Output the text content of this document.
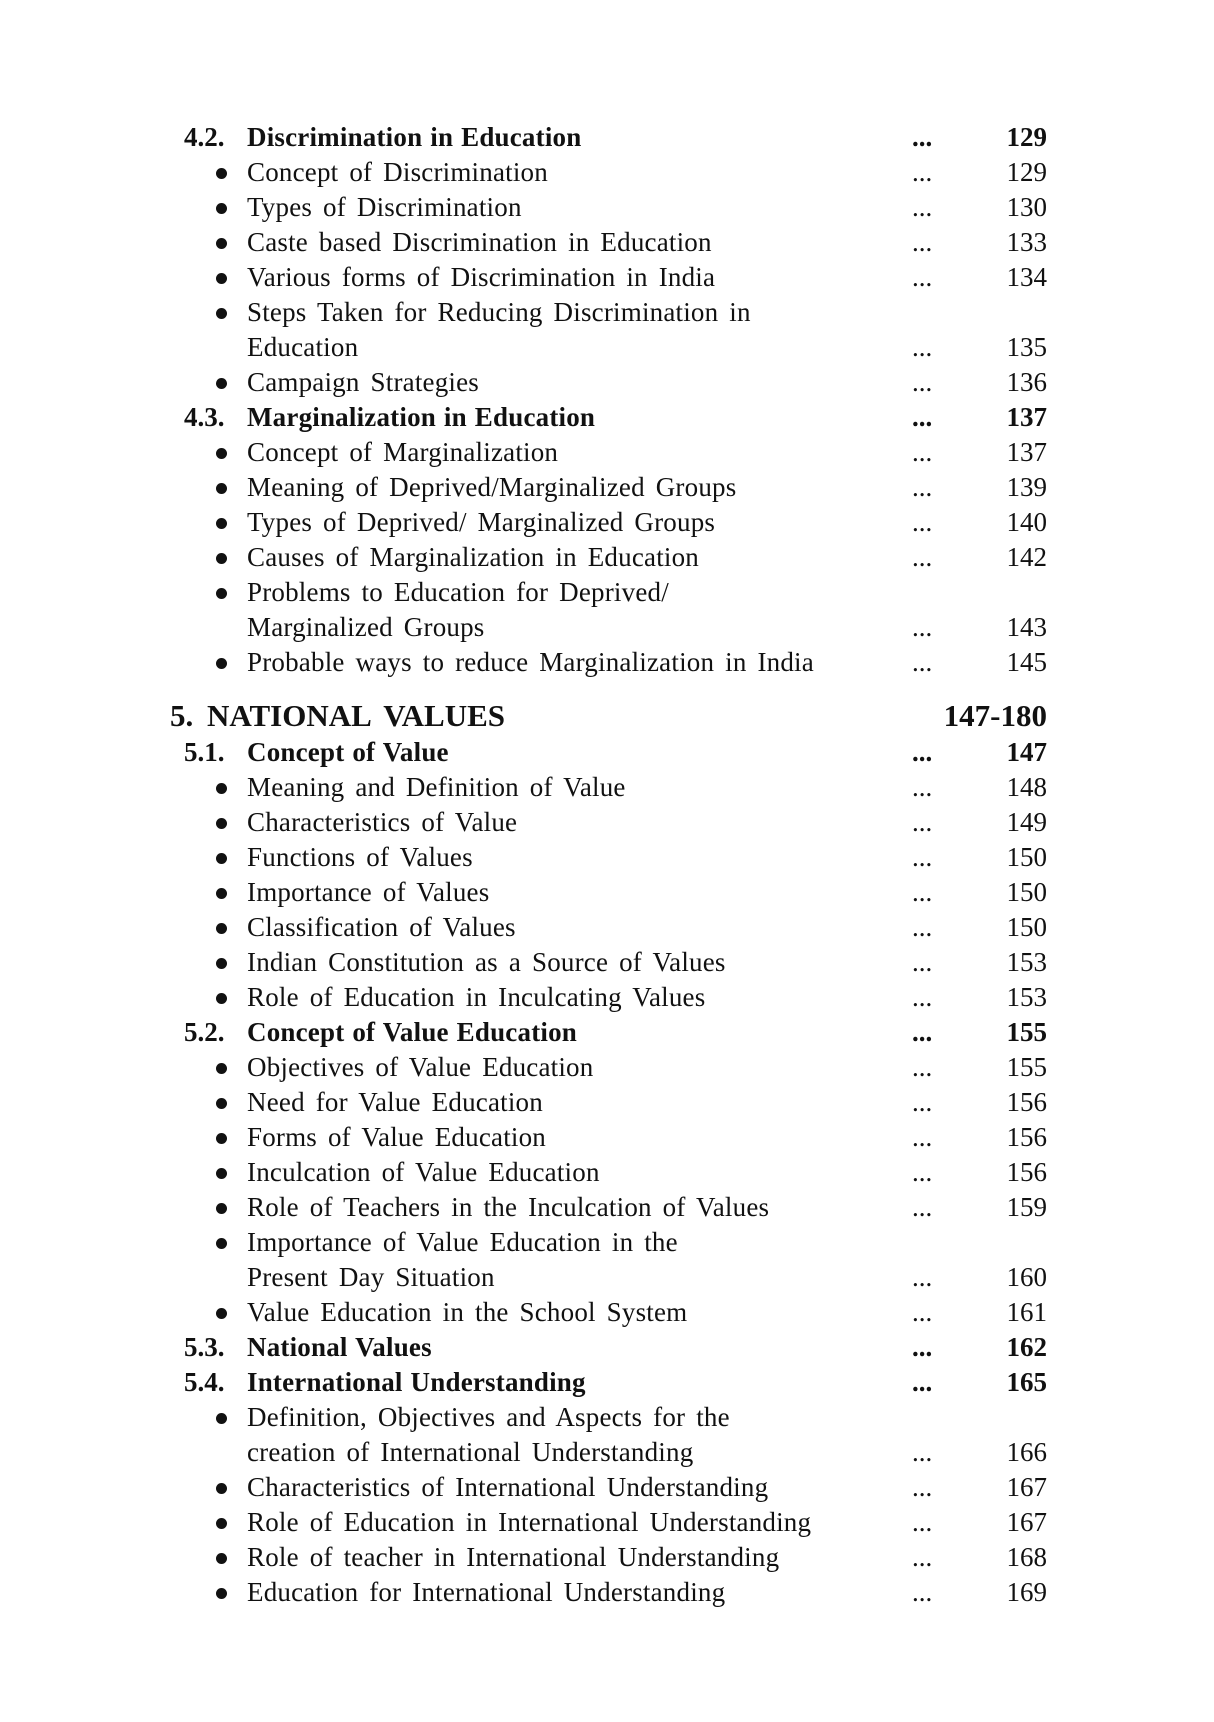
4.2. Discrimination in Education	...	129
Concept of Discrimination	...	129
Types of Discrimination	...	130
Caste based Discrimination in Education	...	133
Various forms of Discrimination in India	...	134
Steps Taken for Reducing Discrimination in
Education	...	135
Campaign Strategies	...	136
4.3. Marginalization in Education	...	137
Concept of Marginalization	...	137
Meaning of Deprived/Marginalized Groups	...	139
Types of Deprived/ Marginalized Groups	...	140
Causes of Marginalization in Education	...	142
Problems to Education for Deprived/
Marginalized Groups	...	143
Probable ways to reduce Marginalization in India	...	145
5. NATIONAL VALUES	147-180
5.1. Concept of Value	...	147
Meaning and Definition of Value	...	148
Characteristics of Value	...	149
Functions of Values	...	150
Importance of Values	...	150
Classification of Values	...	150
Indian Constitution as a Source of Values	...	153
Role of Education in Inculcating Values	...	153
5.2. Concept of Value Education	...	155
Objectives of Value Education	...	155
Need for Value Education	...	156
Forms of Value Education	...	156
Inculcation of Value Education	...	156
Role of Teachers in the Inculcation of Values	...	159
Importance of Value Education in the
Present Day Situation	...	160
Value Education in the School System	...	161
5.3. National Values	...	162
5.4. International Understanding	...	165
Definition, Objectives and Aspects for the
creation of International Understanding	...	166
Characteristics of International Understanding	...	167
Role of Education in International Understanding	...	167
Role of teacher in International Understanding	...	168
Education for International Understanding	...	169
